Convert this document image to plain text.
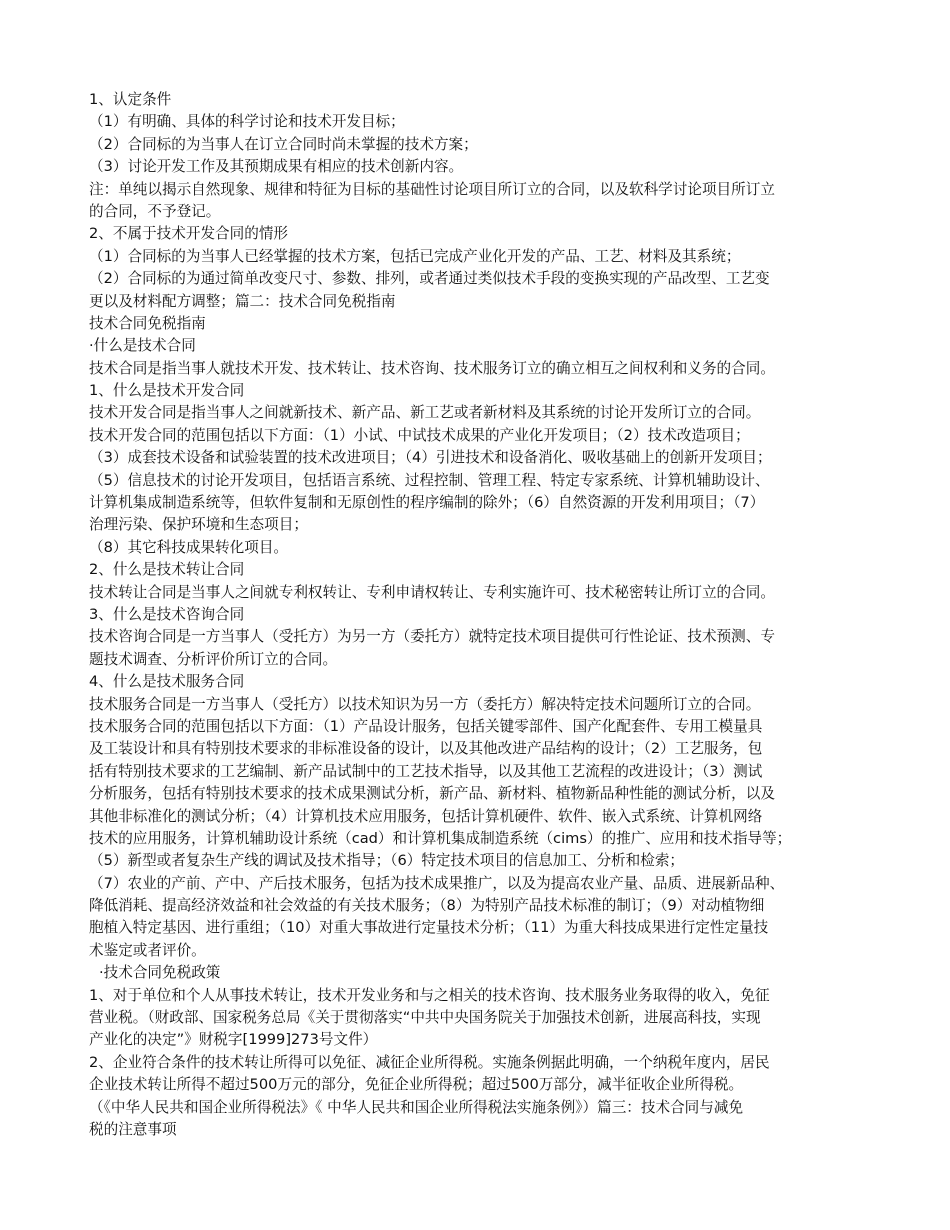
1、认定条件
（1）有明确、具体的科学讨论和技术开发目标；
（2）合同标的为当事人在订立合同时尚未掌握的技术方案；
（3）讨论开发工作及其预期成果有相应的技术创新内容。
注：单纯以揭示自然现象、规律和特征为目标的基础性讨论项目所订立的合同，以及软科学讨论项目所订立
的合同，不予登记。
2、不属于技术开发合同的情形
（1）合同标的为当事人已经掌握的技术方案，包括已完成产业化开发的产品、工艺、材料及其系统；
（2）合同标的为通过简单改变尺寸、参数、排列，或者通过类似技术手段的变换实现的产品改型、工艺变
更以及材料配方调整；篇二：技术合同免税指南
技术合同免税指南
·什么是技术合同
技术合同是指当事人就技术开发、技术转让、技术咨询、技术服务订立的确立相互之间权利和义务的合同。
1、什么是技术开发合同
技术开发合同是指当事人之间就新技术、新产品、新工艺或者新材料及其系统的讨论开发所订立的合同。
技术开发合同的范围包括以下方面：（1）小试、中试技术成果的产业化开发项目；（2）技术改造项目；
（3）成套技术设备和试验装置的技术改进项目；（4）引进技术和设备消化、吸收基础上的创新开发项目；
（5）信息技术的讨论开发项目，包括语言系统、过程控制、管理工程、特定专家系统、计算机辅助设计、
计算机集成制造系统等，但软件复制和无原创性的程序编制的除外；（6）自然资源的开发利用项目；（7）
治理污染、保护环境和生态项目；
（8）其它科技成果转化项目。
2、什么是技术转让合同
技术转让合同是当事人之间就专利权转让、专利申请权转让、专利实施许可、技术秘密转让所订立的合同。
3、什么是技术咨询合同
技术咨询合同是一方当事人（受托方）为另一方（委托方）就特定技术项目提供可行性论证、技术预测、专
题技术调查、分析评价所订立的合同。
4、什么是技术服务合同
技术服务合同是一方当事人（受托方）以技术知识为另一方（委托方）解决特定技术问题所订立的合同。
技术服务合同的范围包括以下方面：（1）产品设计服务，包括关键零部件、国产化配套件、专用工模量具
及工装设计和具有特别技术要求的非标准设备的设计，以及其他改进产品结构的设计；（2）工艺服务，包
括有特别技术要求的工艺编制、新产品试制中的工艺技术指导，以及其他工艺流程的改进设计；（3）测试
分析服务，包括有特别技术要求的技术成果测试分析，新产品、新材料、植物新品种性能的测试分析，以及
其他非标准化的测试分析；（4）计算机技术应用服务，包括计算机硬件、软件、嵌入式系统、计算机网络
技术的应用服务，计算机辅助设计系统（cad）和计算机集成制造系统（cims）的推广、应用和技术指导等；
（5）新型或者复杂生产线的调试及技术指导；（6）特定技术项目的信息加工、分析和检索；
（7）农业的产前、产中、产后技术服务，包括为技术成果推广，以及为提高农业产量、品质、进展新品种、
降低消耗、提高经济效益和社会效益的有关技术服务；（8）为特别产品技术标准的制订；（9）对动植物细
胞植入特定基因、进行重组；（10）对重大事故进行定量技术分析；（11）为重大科技成果进行定性定量技
术鉴定或者评价。
·技术合同免税政策
1、对于单位和个人从事技术转让，技术开发业务和与之相关的技术咨询、技术服务业务取得的收入，免征
营业税。（财政部、国家税务总局《关于贯彻落实“中共中央国务院关于加强技术创新，进展高科技，实现
产业化的决定”》财税字[1999]273号文件）
2、企业符合条件的技术转让所得可以免征、减征企业所得税。实施条例据此明确，一个纳税年度内，居民
企业技术转让所得不超过500万元的部分，免征企业所得税；超过500万部分，减半征收企业所得税。
（《中华人民共和国企业所得税法》《 中华人民共和国企业所得税法实施条例》）篇三：技术合同与减免
税的注意事项
